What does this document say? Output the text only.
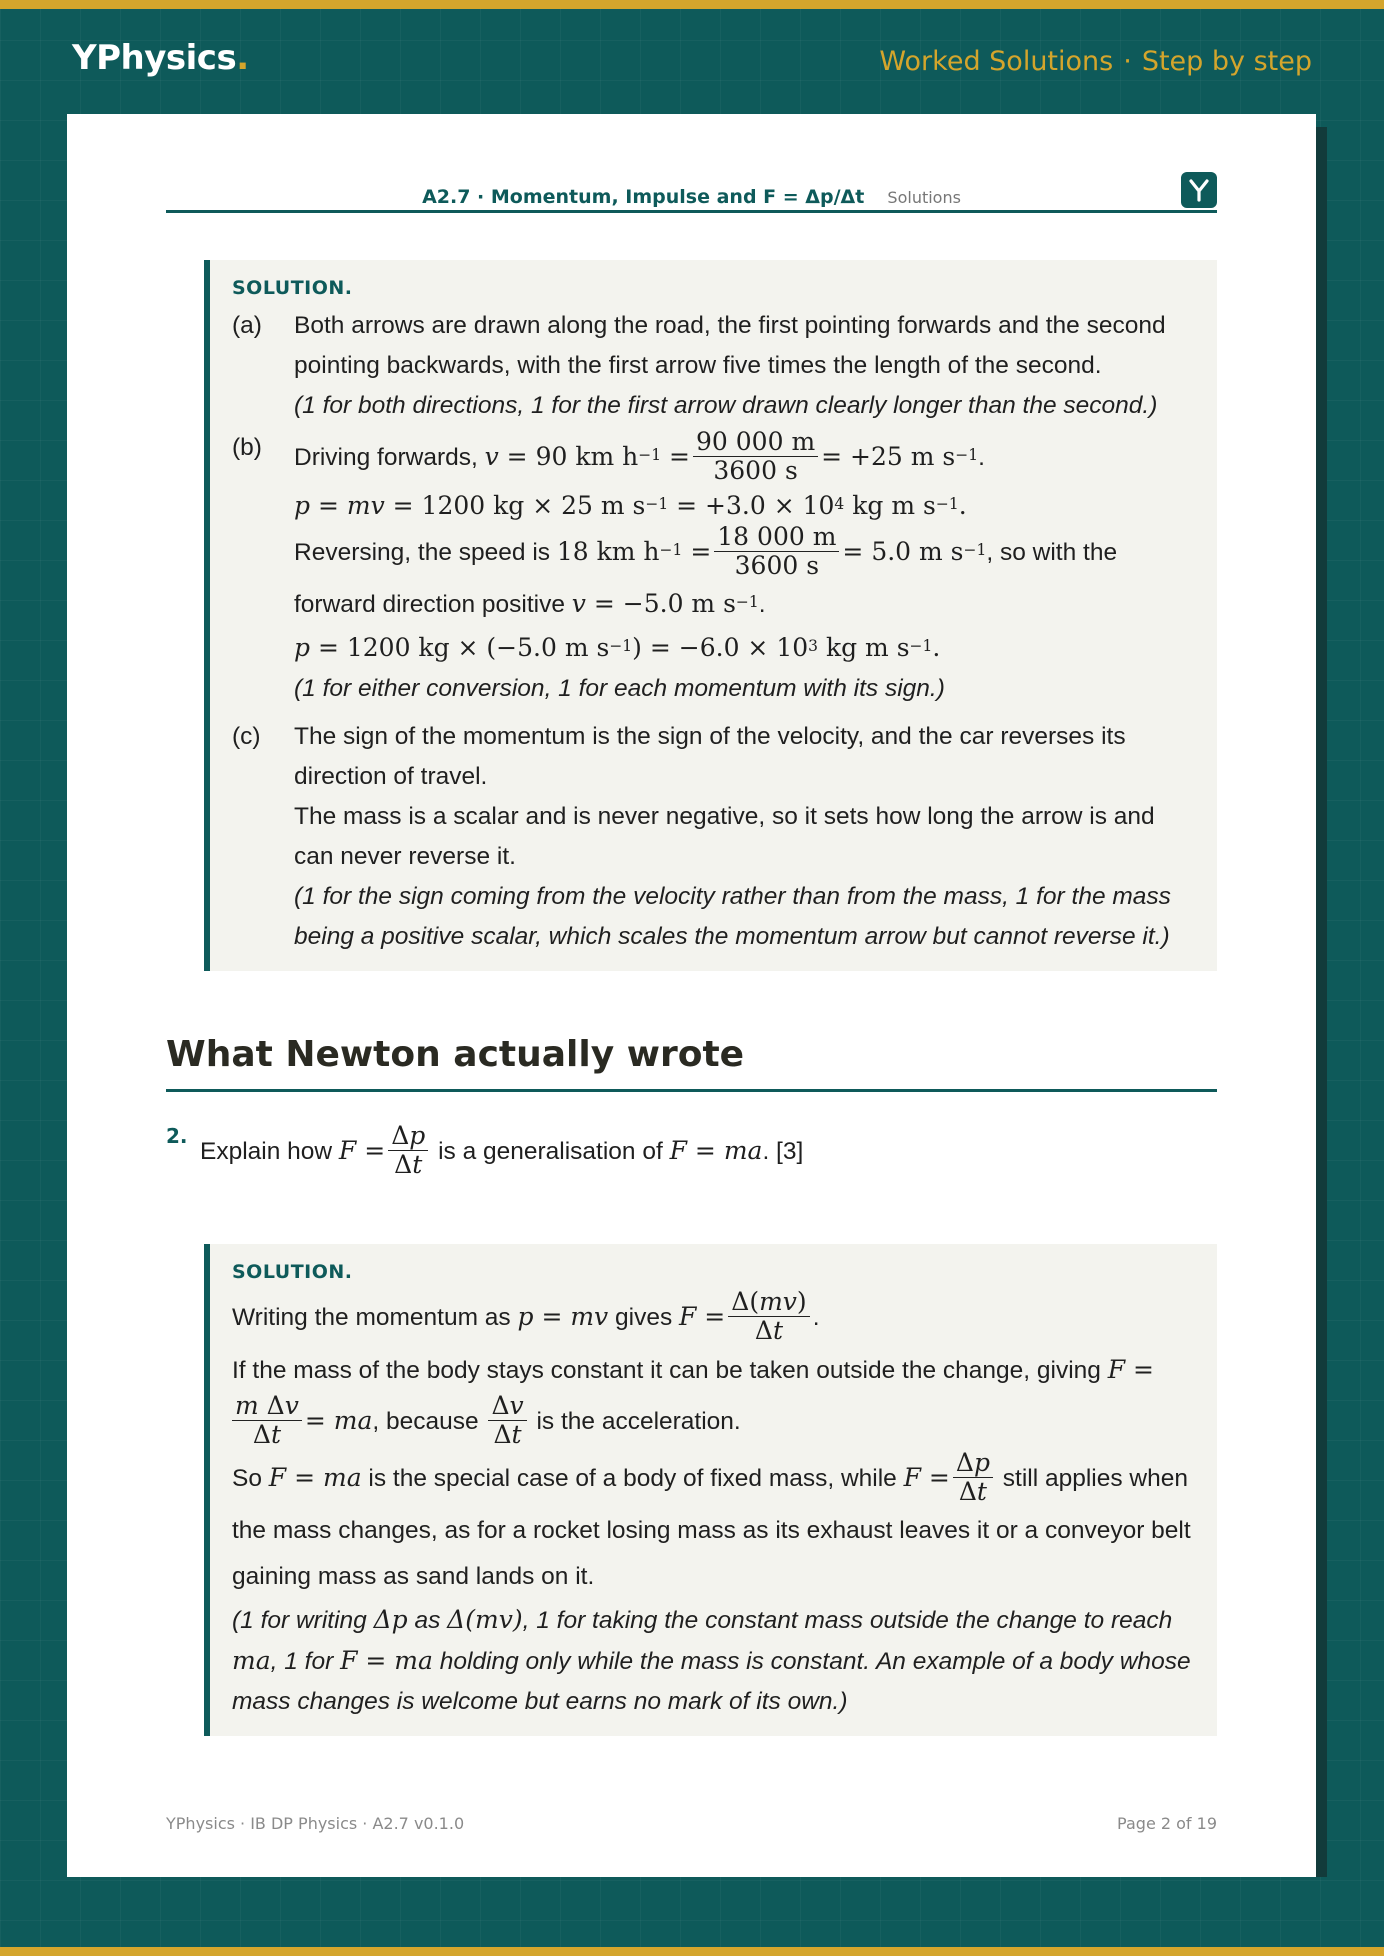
YPhysics.	Worked Solutions · Step by step
A2.7 · Momentum, Impulse and F = Δp/Δt Solutions
SOLUTION.
(a) Both arrows are drawn along the road, the first pointing forwards and the second pointing backwards, with the first arrow five times the length of the second.
(1 for both directions, 1 for the first arrow drawn clearly longer than the second.)
(b) Driving forwards, v = 90 km $h^{-1} = \frac{90 000 m}{3600 s} = +25$ m $s^{-1}$.
p = mv = 1200 kg × 25 m $s^{-1} = +3.0 \times 10^4$ kg m $s^{-1}$.
Reversing, the speed is 18 km $h^{-1} = \frac{18 000 m}{3600 s} = 5.0$ m $s^{-1}$, so with the forward direction positive v = −5.0 m $s^{-1}$.
p = 1200 kg × (−5.0 m $s^{-1}) = -6.0 \times 10^3$ kg m $s^{-1}$.
(1 for either conversion, 1 for each momentum with its sign.)
(c) The sign of the momentum is the sign of the velocity, and the car reverses its direction of travel.
The mass is a scalar and is never negative, so it sets how long the arrow is and can never reverse it.
(1 for the sign coming from the velocity rather than from the mass, 1 for the mass being a positive scalar, which scales the momentum arrow but cannot reverse it.)
What Newton actually wrote
2.
Explain how $F = \frac{\Delta p}{\Delta t}$ is a generalisation of F = ma. [3]
SOLUTION.
Writing the momentum as p = mv gives $F = \frac{\Delta(mv)}{\Delta t}$ .
If the mass of the body stays constant it can be taken outside the change, giving F =
$\frac{\text{m Δv}}{\Delta t}$ = ma, because $\frac{\Delta v}{\Delta t}$ is the acceleration.
So F = ma is the special case of a body of fixed mass, while $F = \frac{\Delta p}{\Delta t}$ still applies when the mass changes, as for a rocket losing mass as its exhaust leaves it or a conveyor belt gaining mass as sand lands on it.
(1 for writing Δp as Δ(mv), 1 for taking the constant mass outside the change to reach ma, 1 for F = ma holding only while the mass is constant. An example of a body whose mass changes is welcome but earns no mark of its own.)
YPhysics · IB DP Physics · A2.7 v0.1.0	Page 2 of 19
